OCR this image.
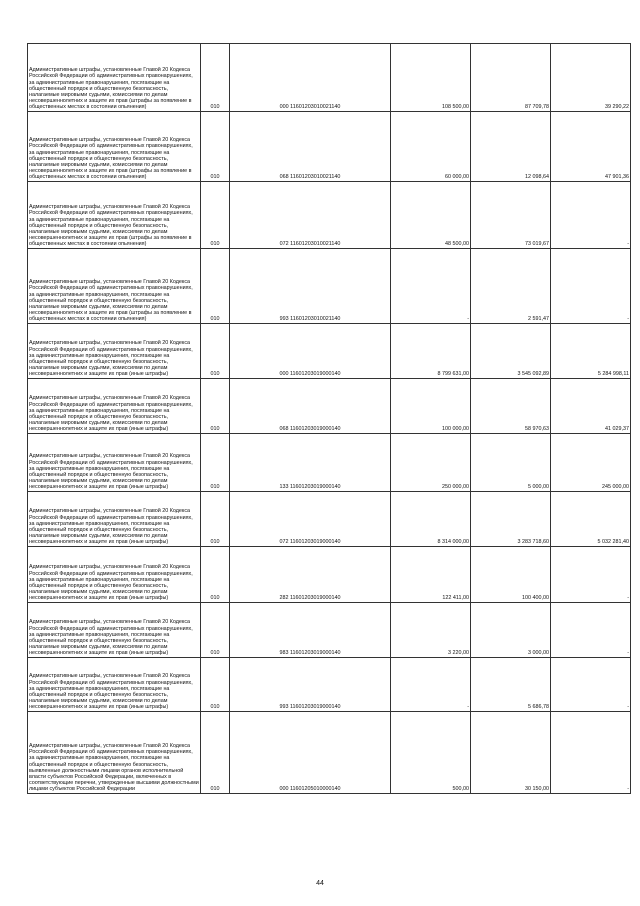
Административные штрафы, установленные Главой 20 Кодекса Российской Федерации об административных правонарушениях, за административные правонарушения, посягающие на общественный порядок и общественную безопасность, налагаемые мировыми судьями, комиссиями по делам несовершеннолетних и защите их прав (штрафы за появление в общественных местах в состоянии опьянения)	010	000 11601203010021140	108 500,00	87 709,78	39 290,22

Административные штрафы, установленные Главой 20 Кодекса Российской Федерации об административных правонарушениях, за административные правонарушения, посягающие на общественный порядок и общественную безопасность, налагаемые мировыми судьями, комиссиями по делам несовершеннолетних и защите их прав (штрафы за появление в общественных местах в состоянии опьянения)	010	068 11601203010021140	60 000,00	12 098,64	47 901,36

Административные штрафы, установленные Главой 20 Кодекса Российской Федерации об административных правонарушениях, за административные правонарушения, посягающие на общественный порядок и общественную безопасность, налагаемые мировыми судьями, комиссиями по делам несовершеннолетних и защите их прав (штрафы за появление в общественных местах в состоянии опьянения)	010	072 11601203010021140	48 500,00	73 019,67	-

Административные штрафы, установленные Главой 20 Кодекса Российской Федерации об административных правонарушениях, за административные правонарушения, посягающие на общественный порядок и общественную безопасность, налагаемые мировыми судьями, комиссиями по делам несовершеннолетних и защите их прав (штрафы за появление в общественных местах в состоянии опьянения)	010	993 11601203010021140	-	2 591,47	-

Административные штрафы, установленные Главой 20 Кодекса Российской Федерации об административных правонарушениях, за административные правонарушения, посягающие на общественный порядок и общественную безопасность, налагаемые мировыми судьями, комиссиями по делам несовершеннолетних и защите их прав (иные штрафы)	010	000 11601203019000140	8 799 631,00	3 545 092,89	5 284 998,11

Административные штрафы, установленные Главой 20 Кодекса Российской Федерации об административных правонарушениях, за административные правонарушения, посягающие на общественный порядок и общественную безопасность, налагаемые мировыми судьями, комиссиями по делам несовершеннолетних и защите их прав (иные штрафы)	010	068 11601203019000140	100 000,00	58 970,63	41 029,37

Административные штрафы, установленные Главой 20 Кодекса Российской Федерации об административных правонарушениях, за административные правонарушения, посягающие на общественный порядок и общественную безопасность, налагаемые мировыми судьями, комиссиями по делам несовершеннолетних и защите их прав (иные штрафы)	010	133 11601203019000140	250 000,00	5 000,00	245 000,00

Административные штрафы, установленные Главой 20 Кодекса Российской Федерации об административных правонарушениях, за административные правонарушения, посягающие на общественный порядок и общественную безопасность, налагаемые мировыми судьями, комиссиями по делам несовершеннолетних и защите их прав (иные штрафы)	010	072 11601203019000140	8 314 000,00	3 283 718,60	5 032 281,40

Административные штрафы, установленные Главой 20 Кодекса Российской Федерации об административных правонарушениях, за административные правонарушения, посягающие на общественный порядок и общественную безопасность, налагаемые мировыми судьями, комиссиями по делам несовершеннолетних и защите их прав (иные штрафы)	010	282 11601203019000140	122 411,00	100 400,00	-

Административные штрафы, установленные Главой 20 Кодекса Российской Федерации об административных правонарушениях, за административные правонарушения, посягающие на общественный порядок и общественную безопасность, налагаемые мировыми судьями, комиссиями по делам несовершеннолетних и защите их прав (иные штрафы)	010	983 11601203019000140	3 220,00	3 000,00	-

Административные штрафы, установленные Главой 20 Кодекса Российской Федерации об административных правонарушениях, за административные правонарушения, посягающие на общественный порядок и общественную безопасность, налагаемые мировыми судьями, комиссиями по делам несовершеннолетних и защите их прав (иные штрафы)	010	993 11601203019000140	-	5 686,78	-

Административные штрафы, установленные Главой 20 Кодекса Российской Федерации об административных правонарушениях, за административные правонарушения, посягающие на общественный порядок и общественную безопасность, выявленные должностными лицами органов исполнительной власти субъектов Российской Федерации, включенных в соответствующие перечни, утвержденные высшими должностными лицами субъектов Российской Федерации	010	000 11601205010000140	500,00	30 150,00	-
44
